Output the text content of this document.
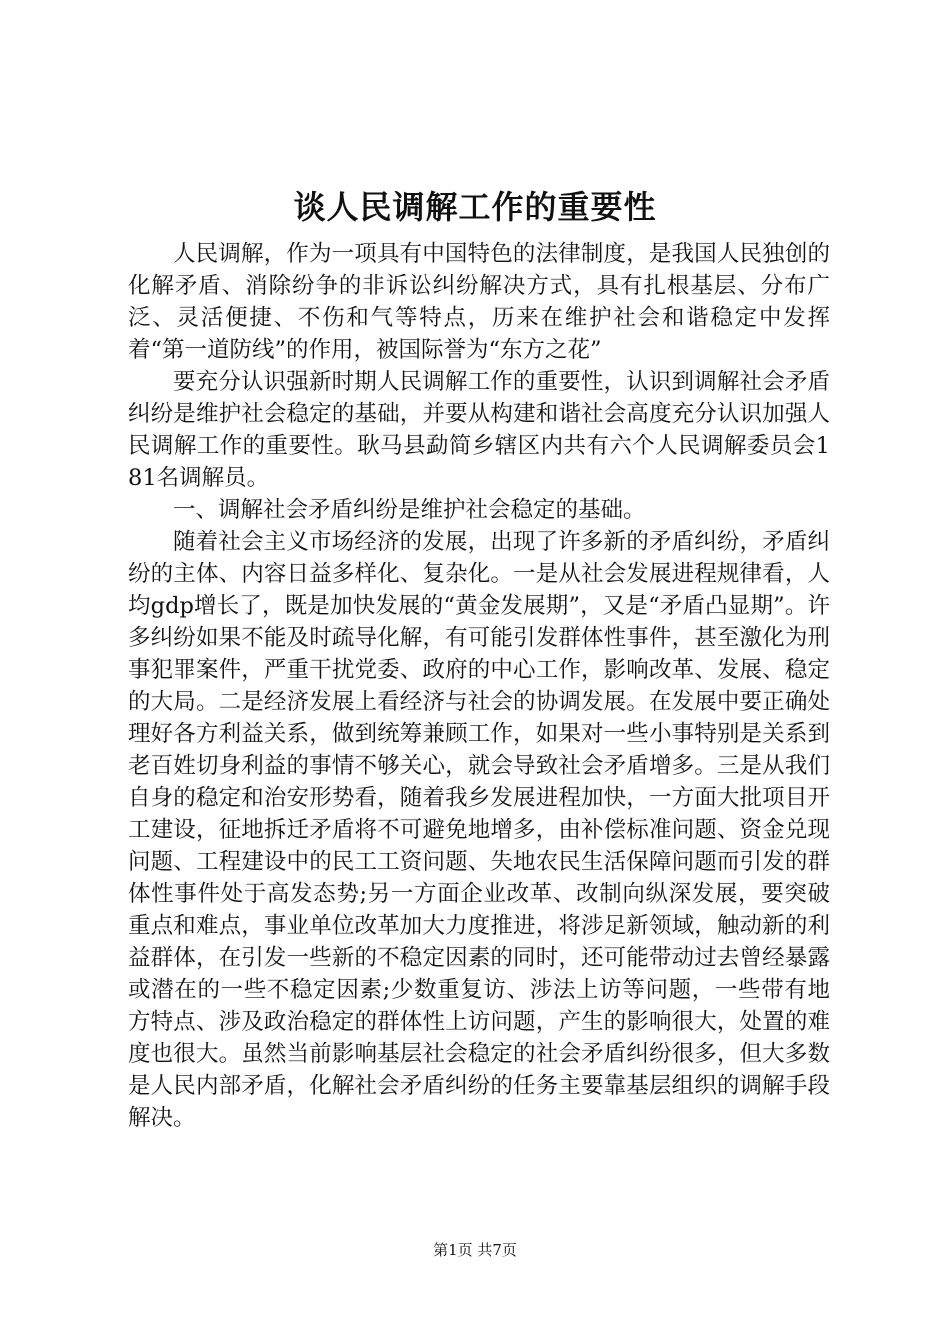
谈人民调解工作的重要性

人民调解，作为一项具有中国特色的法律制度，是我国人民独创的化解矛盾、消除纷争的非诉讼纠纷解决方式，具有扎根基层、分布广泛、灵活便捷、不伤和气等特点，历来在维护社会和谐稳定中发挥着“第一道防线”的作用，被国际誉为“东方之花”

要充分认识强新时期人民调解工作的重要性，认识到调解社会矛盾纠纷是维护社会稳定的基础，并要从构建和谐社会高度充分认识加强人民调解工作的重要性。耿马县勐简乡辖区内共有六个人民调解委员会181名调解员。

一、调解社会矛盾纠纷是维护社会稳定的基础。

随着社会主义市场经济的发展，出现了许多新的矛盾纠纷，矛盾纠纷的主体、内容日益多样化、复杂化。一是从社会发展进程规律看，人均gdp增长了，既是加快发展的“黄金发展期”，又是“矛盾凸显期”。许多纠纷如果不能及时疏导化解，有可能引发群体性事件，甚至激化为刑事犯罪案件，严重干扰党委、政府的中心工作，影响改革、发展、稳定的大局。二是经济发展上看经济与社会的协调发展。在发展中要正确处理好各方利益关系，做到统筹兼顾工作，如果对一些小事特别是关系到老百姓切身利益的事情不够关心，就会导致社会矛盾增多。三是从我们自身的稳定和治安形势看，随着我乡发展进程加快，一方面大批项目开工建设，征地拆迁矛盾将不可避免地增多，由补偿标准问题、资金兑现问题、工程建设中的民工工资问题、失地农民生活保障问题而引发的群体性事件处于高发态势;另一方面企业改革、改制向纵深发展，要突破重点和难点，事业单位改革加大力度推进，将涉足新领域，触动新的利益群体，在引发一些新的不稳定因素的同时，还可能带动过去曾经暴露或潜在的一些不稳定因素;少数重复访、涉法上访等问题，一些带有地方特点、涉及政治稳定的群体性上访问题，产生的影响很大，处置的难度也很大。虽然当前影响基层社会稳定的社会矛盾纠纷很多，但大多数是人民内部矛盾，化解社会矛盾纠纷的任务主要靠基层组织的调解手段解决。

第1页 共7页
